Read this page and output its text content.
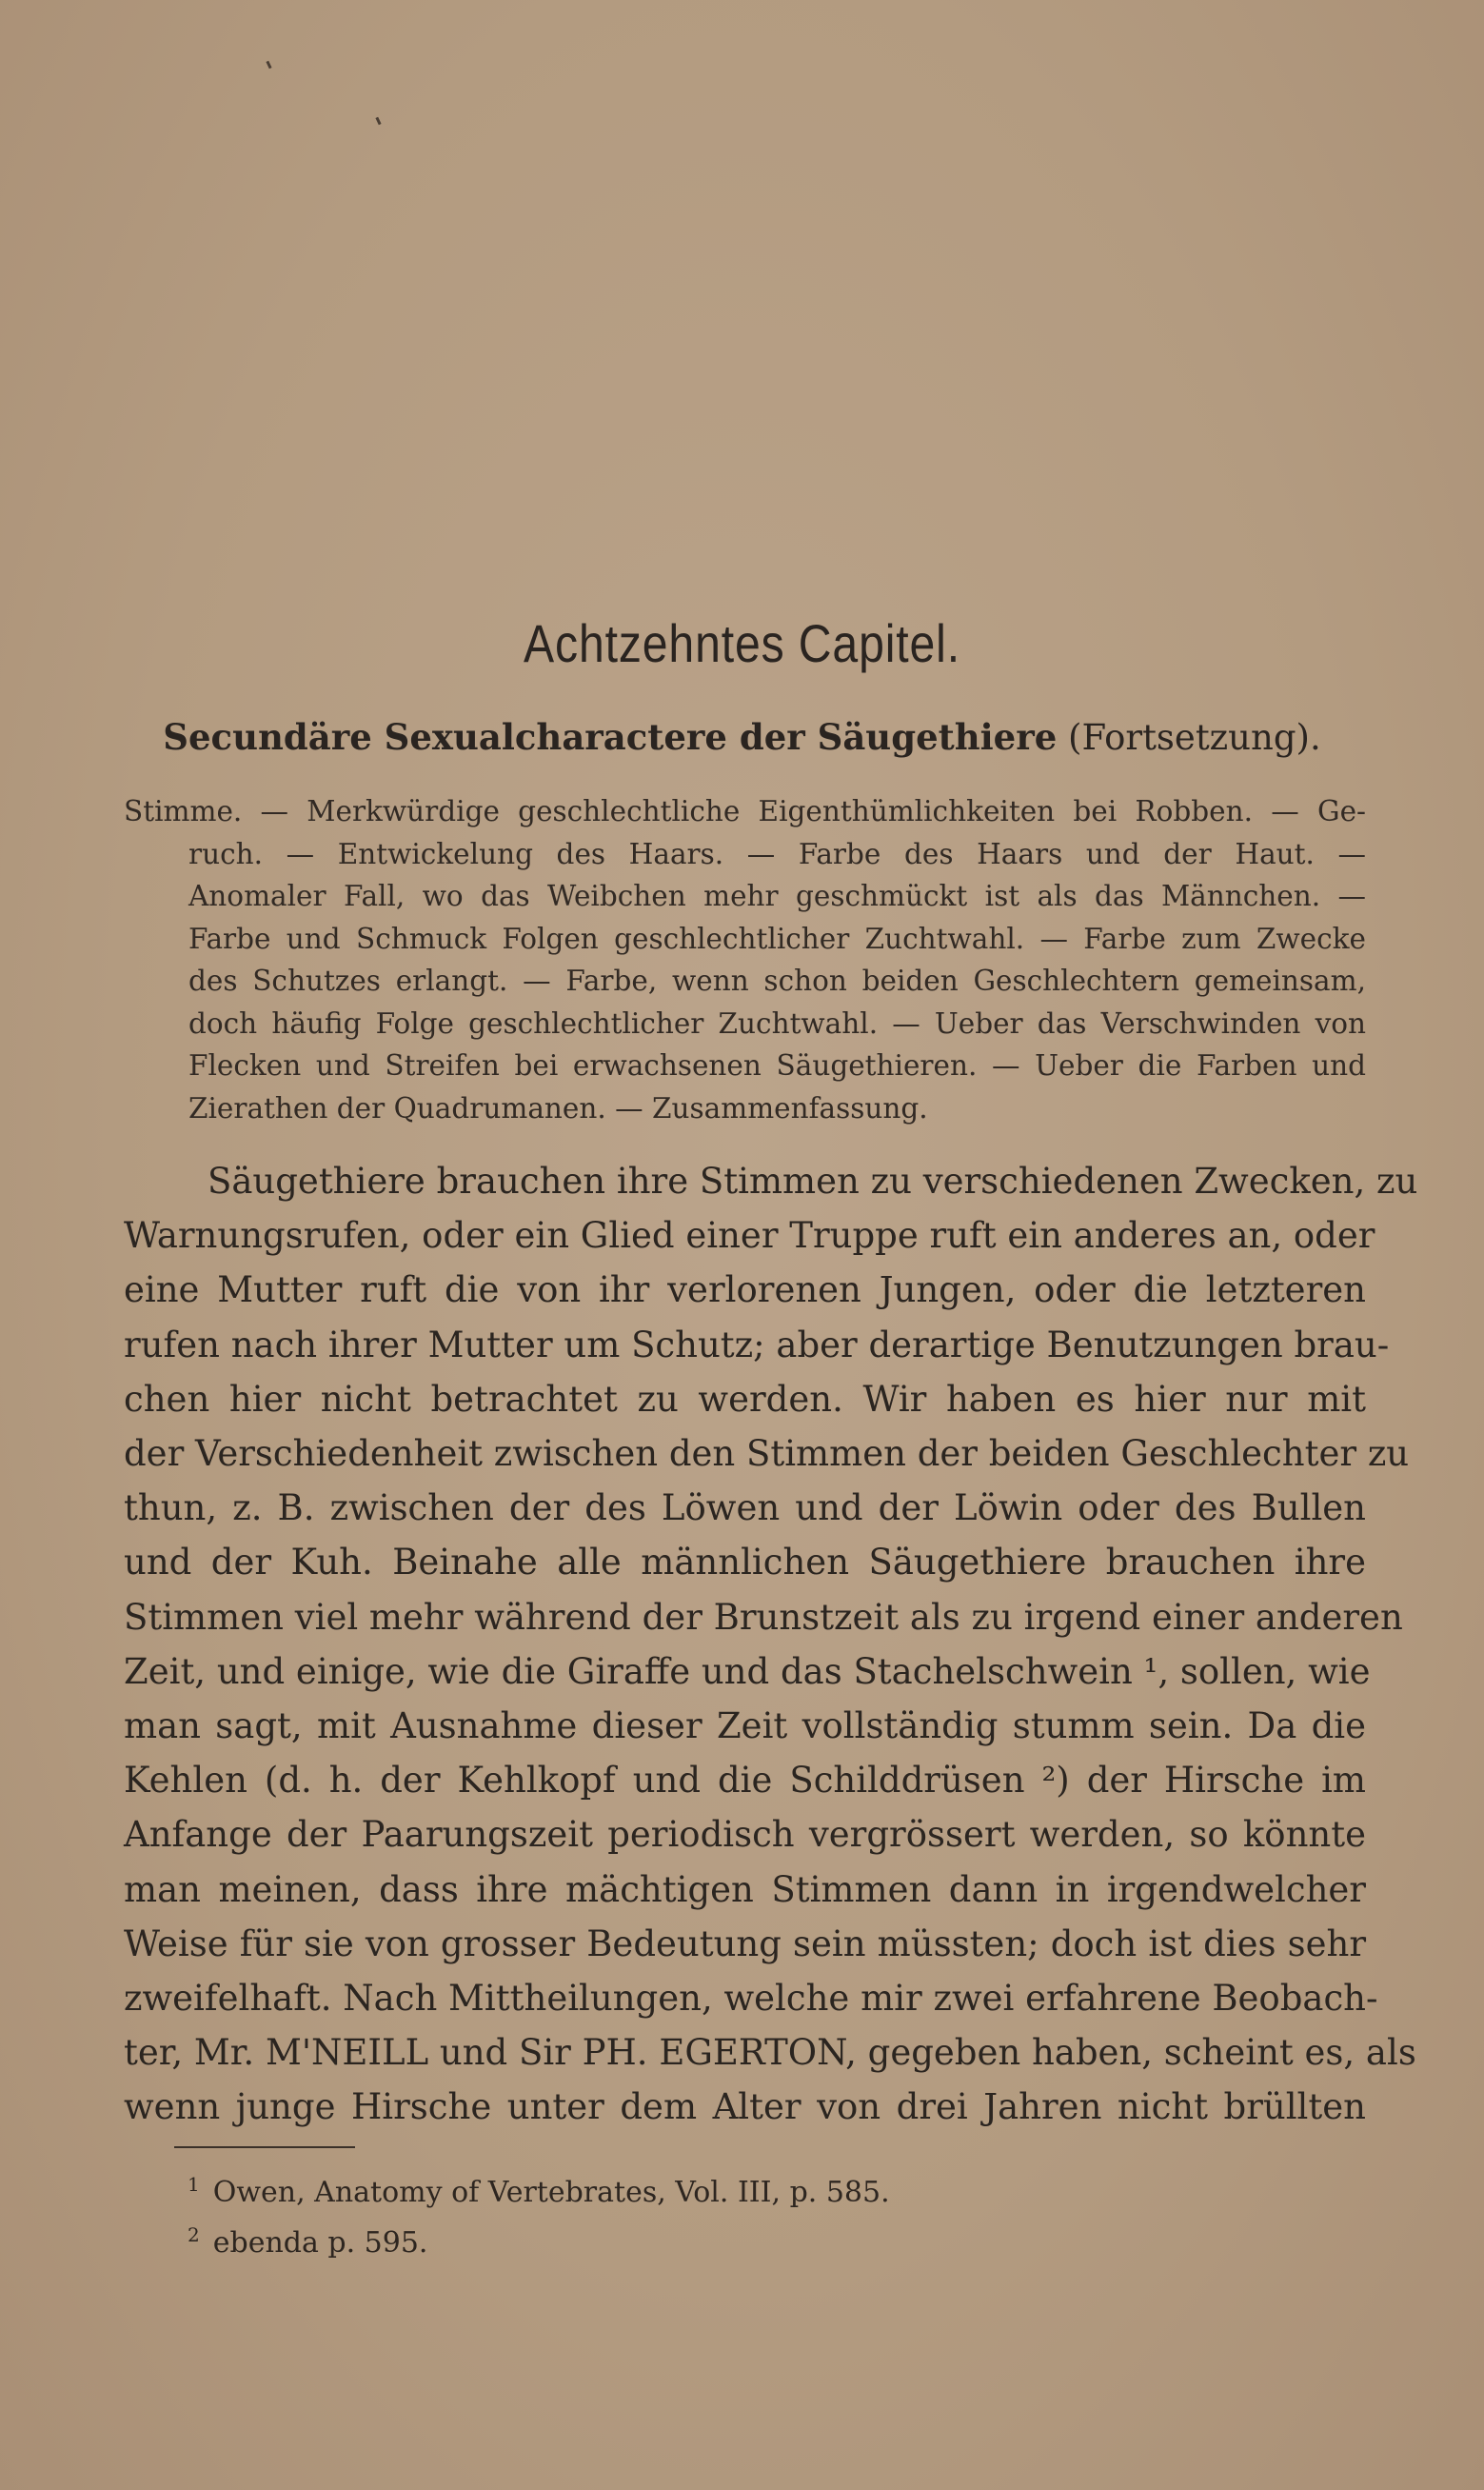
Achtzehntes Capitel.
Secundäre Sexualcharactere der Säugethiere (Fortsetzung).
Stimme. — Merkwürdige geschlechtliche Eigenthümlichkeiten bei Robben. — Ge-
ruch. — Entwickelung des Haars. — Farbe des Haars und der Haut. —
Anomaler Fall, wo das Weibchen mehr geschmückt ist als das Männchen. —
Farbe und Schmuck Folgen geschlechtlicher Zuchtwahl. — Farbe zum Zwecke
des Schutzes erlangt. — Farbe, wenn schon beiden Geschlechtern gemeinsam,
doch häufig Folge geschlechtlicher Zuchtwahl. — Ueber das Verschwinden von
Flecken und Streifen bei erwachsenen Säugethieren. — Ueber die Farben und
Zierathen der Quadrumanen. — Zusammenfassung.
Säugethiere brauchen ihre Stimmen zu verschiedenen Zwecken, zu
Warnungsrufen, oder ein Glied einer Truppe ruft ein anderes an, oder
eine Mutter ruft die von ihr verlorenen Jungen, oder die letzteren
rufen nach ihrer Mutter um Schutz; aber derartige Benutzungen brau-
chen hier nicht betrachtet zu werden. Wir haben es hier nur mit
der Verschiedenheit zwischen den Stimmen der beiden Geschlechter zu
thun, z. B. zwischen der des Löwen und der Löwin oder des Bullen
und der Kuh. Beinahe alle männlichen Säugethiere brauchen ihre
Stimmen viel mehr während der Brunstzeit als zu irgend einer anderen
Zeit, und einige, wie die Giraffe und das Stachelschwein ¹, sollen, wie
man sagt, mit Ausnahme dieser Zeit vollständig stumm sein. Da die
Kehlen (d. h. der Kehlkopf und die Schilddrüsen ²) der Hirsche im
Anfange der Paarungszeit periodisch vergrössert werden, so könnte
man meinen, dass ihre mächtigen Stimmen dann in irgendwelcher
Weise für sie von grosser Bedeutung sein müssten; doch ist dies sehr
zweifelhaft. Nach Mittheilungen, welche mir zwei erfahrene Beobach-
ter, Mr. M'NEILL und Sir PH. EGERTON, gegeben haben, scheint es, als
wenn junge Hirsche unter dem Alter von drei Jahren nicht brüllten
$^1$ Owen, Anatomy of Vertebrates, Vol. III, p. 585.
$^2$ ebenda p. 595.
